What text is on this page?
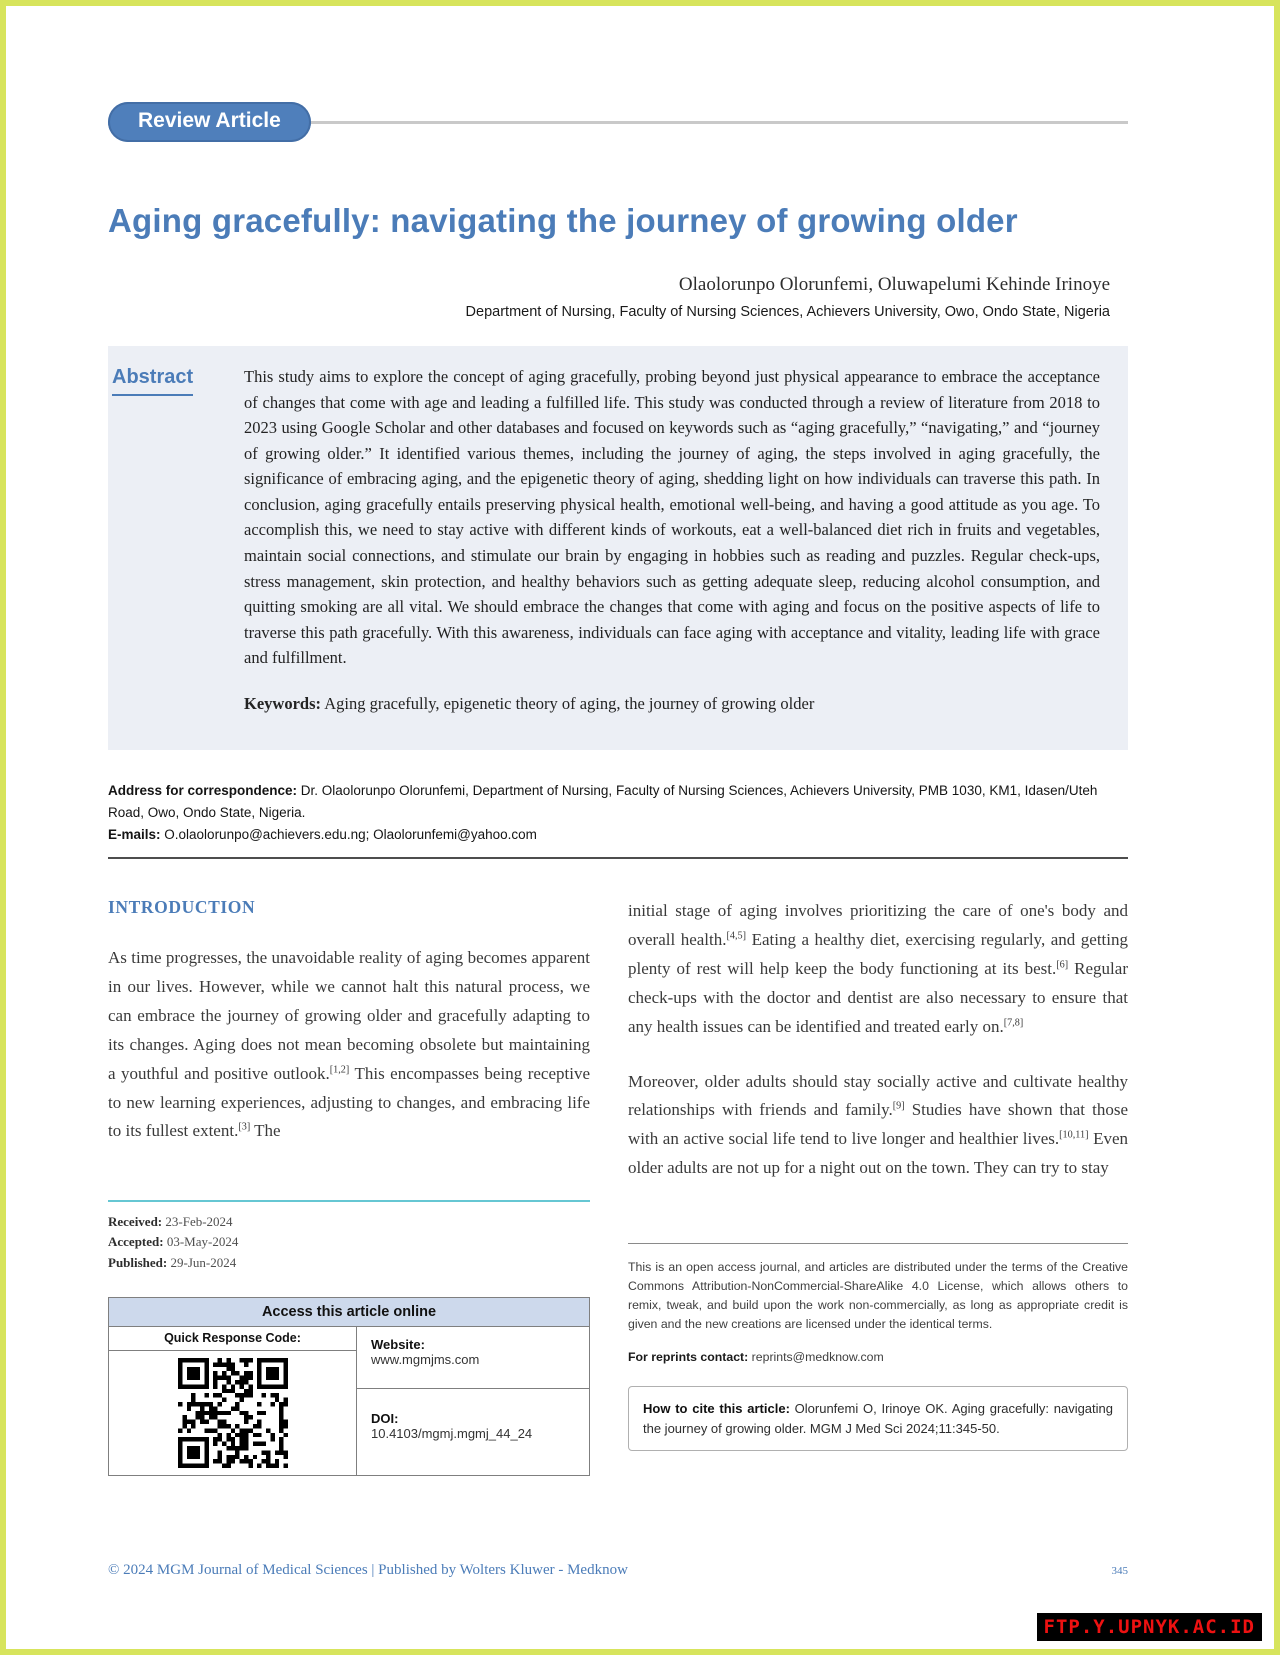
Review Article
Aging gracefully: navigating the journey of growing older
Olaolorunpo Olorunfemi, Oluwapelumi Kehinde Irinoye
Department of Nursing, Faculty of Nursing Sciences, Achievers University, Owo, Ondo State, Nigeria
Abstract	This study aims to explore the concept of aging gracefully, probing beyond just physical appearance to embrace the acceptance of changes that come with age and leading a fulfilled life. This study was conducted through a review of literature from 2018 to 2023 using Google Scholar and other databases and focused on keywords such as “aging gracefully,” “navigating,” and “journey of growing older.” It identified various themes, including the journey of aging, the steps involved in aging gracefully, the significance of embracing aging, and the epigenetic theory of aging, shedding light on how individuals can traverse this path. In conclusion, aging gracefully entails preserving physical health, emotional well-being, and having a good attitude as you age. To accomplish this, we need to stay active with different kinds of workouts, eat a well-balanced diet rich in fruits and vegetables, maintain social connections, and stimulate our brain by engaging in hobbies such as reading and puzzles. Regular check-ups, stress management, skin protection, and healthy behaviors such as getting adequate sleep, reducing alcohol consumption, and quitting smoking are all vital. We should embrace the changes that come with aging and focus on the positive aspects of life to traverse this path gracefully. With this awareness, individuals can face aging with acceptance and vitality, leading life with grace and fulfillment.
Keywords: Aging gracefully, epigenetic theory of aging, the journey of growing older
Address for correspondence: Dr. Olaolorunpo Olorunfemi, Department of Nursing, Faculty of Nursing Sciences, Achievers University, PMB 1030, KM1, Idasen/Uteh Road, Owo, Ondo State, Nigeria.
E-mails: O.olaolorunpo@achievers.edu.ng; Olaolorunfemi@yahoo.com
INTRODUCTION

As time progresses, the unavoidable reality of aging becomes apparent in our lives. However, while we cannot halt this natural process, we can embrace the journey of growing older and gracefully adapting to its changes. Aging does not mean becoming obsolete but maintaining a youthful and positive outlook.[1,2] This encompasses being receptive to new learning experiences, adjusting to changes, and embracing life to its fullest extent.[3] The

Received: 23-Feb-2024
Accepted: 03-May-2024
Published: 29-Jun-2024
Access this article online
Quick Response Code:	Website:
www.mgmjms.com
DOI:
10.4103/mgmj.mgmj_44_24

initial stage of aging involves prioritizing the care of one's body and overall health.[4,5] Eating a healthy diet, exercising regularly, and getting plenty of rest will help keep the body functioning at its best.[6] Regular check-ups with the doctor and dentist are also necessary to ensure that any health issues can be identified and treated early on.[7,8]

Moreover, older adults should stay socially active and cultivate healthy relationships with friends and family.[9] Studies have shown that those with an active social life tend to live longer and healthier lives.[10,11] Even older adults are not up for a night out on the town. They can try to stay

This is an open access journal, and articles are distributed under the terms of the Creative Commons Attribution-NonCommercial-ShareAlike 4.0 License, which allows others to remix, tweak, and build upon the work non-commercially, as long as appropriate credit is given and the new creations are licensed under the identical terms.
For reprints contact: reprints@medknow.com
How to cite this article: Olorunfemi O, Irinoye OK. Aging gracefully: navigating the journey of growing older. MGM J Med Sci 2024;11:345-50.
© 2024 MGM Journal of Medical Sciences | Published by Wolters Kluwer - Medknow	345
FTP.Y.UPNYK.AC.ID
